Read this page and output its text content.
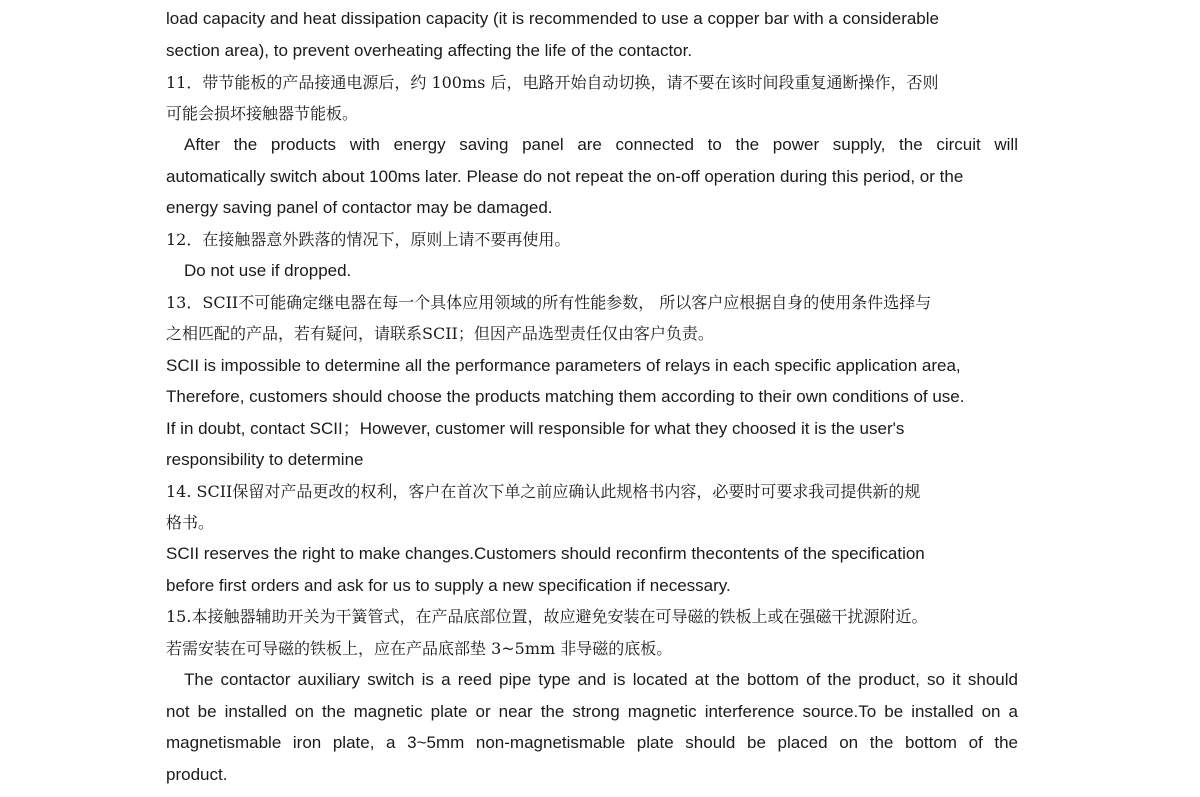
load capacity and heat dissipation capacity (it is recommended to use a copper bar with a considerable
section area), to prevent overheating affecting the life of the contactor.
11．带节能板的产品接通电源后，约 100ms 后，电路开始自动切换，请不要在该时间段重复通断操作，否则
可能会损坏接触器节能板。
After the products with energy saving panel are connected to the power supply, the circuit will
automatically switch about 100ms later. Please do not repeat the on-off operation during this period, or the
energy saving panel of contactor may be damaged.
12．在接触器意外跌落的情况下，原则上请不要再使用。
Do not use if dropped.
13．SCII不可能确定继电器在每一个具体应用领域的所有性能参数， 所以客户应根据自身的使用条件选择与
之相匹配的产品，若有疑问，请联系SCII；但因产品选型责任仅由客户负责。
SCII is impossible to determine all the performance parameters of relays in each specific application area,
Therefore, customers should choose the products matching them according to their own conditions of use.
If in doubt, contact SCII；However, customer will responsible for what they choosed it is the user's
responsibility to determine
14. SCII保留对产品更改的权利，客户在首次下单之前应确认此规格书内容，必要时可要求我司提供新的规
格书。
SCII reserves the right to make changes.Customers should reconfirm thecontents of the specification
before first orders and ask for us to supply a new specification if necessary.
15.本接触器辅助开关为干簧管式，在产品底部位置，故应避免安装在可导磁的铁板上或在强磁干扰源附近。
若需安装在可导磁的铁板上，应在产品底部垫 3~5mm 非导磁的底板。
The contactor auxiliary switch is a reed pipe type and is located at the bottom of the product, so it should
not be installed on the magnetic plate or near the strong magnetic interference source.To be installed on a
magnetismable iron plate, a 3~5mm non-magnetismable plate should be placed on the bottom of the
product.
